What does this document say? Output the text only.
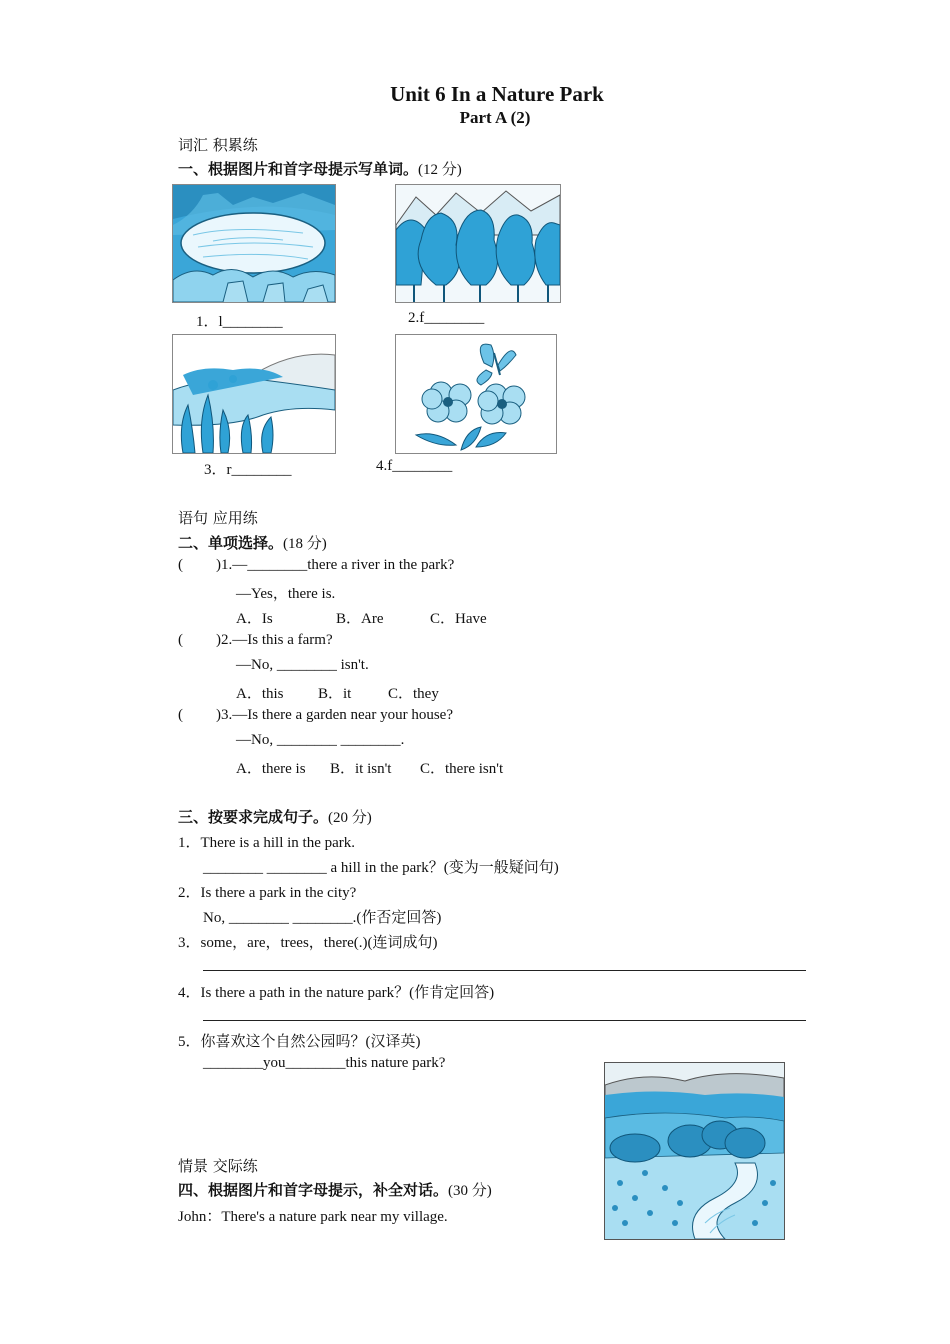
Unit 6 In a Nature Park
Part A (2)
词汇 积累练
一、根据图片和首字母提示写单词。(12 分)
1．l________	2.f________
3．r________	4.f________
语句 应用练
二、单项选择。(18 分)
( )1.—________there a river in the park?
—Yes，there is.
A．Is	B．Are	C．Have
( )2.—Is this a farm?
—No, ________ isn't.
A．this B．it C．they
( )3.—Is there a garden near your house?
—No, ________ ________.
A．there is B．it isn't C．there isn't
三、按要求完成句子。(20 分)
1．There is a hill in the park.
________ ________ a hill in the park？(变为一般疑问句)
2．Is there a park in the city?
No, ________ ________.(作否定回答)
3．some，are，trees，there(.)(连词成句)
4．Is there a path in the nature park？(作肯定回答)
5．你喜欢这个自然公园吗？(汉译英)
________you________this nature park?
情景 交际练
四、根据图片和首字母提示，补全对话。(30 分)
John：There's a nature park near my village.
